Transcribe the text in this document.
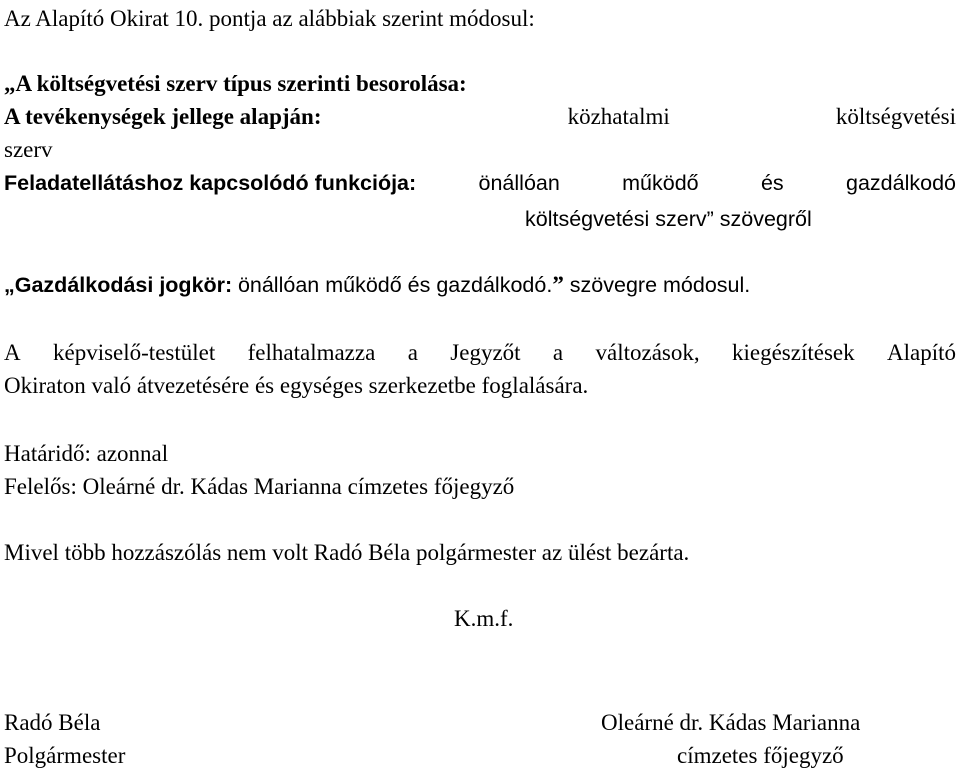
Az Alapító Okirat 10. pontja az alábbiak szerint módosul:
„A költségvetési szerv típus szerinti besorolása:
A tevékenységek jellege alapján:	közhatalmi	költségvetési
szerv
Feladatellátáshoz kapcsolódó funkciója:	önállóan	működő	és	gazdálkodó
költségvetési szerv” szövegről
„Gazdálkodási jogkör: önállóan működő és gazdálkodó.” szövegre módosul.
A képviselő-testület felhatalmazza a Jegyzőt a változások, kiegészítések Alapító
Okiraton való átvezetésére és egységes szerkezetbe foglalására.
Határidő: azonnal
Felelős: Oleárné dr. Kádas Marianna címzetes főjegyző
Mivel több hozzászólás nem volt Radó Béla polgármester az ülést bezárta.
K.m.f.
Radó Béla
Polgármester
Oleárné dr. Kádas Marianna
címzetes főjegyző
